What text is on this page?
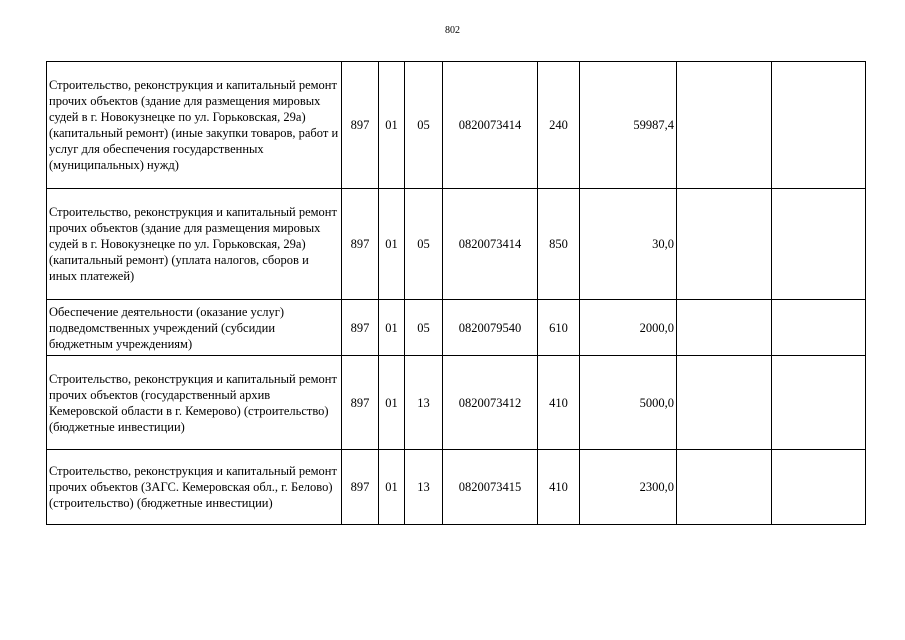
802
Строительство, реконструкция и капитальный ремонт прочих объектов (здание для размещения мировых судей в г. Новокузнецке по ул. Горьковская, 29а) (капитальный ремонт) (иные закупки товаров, работ и услуг для обеспечения государственных (муниципальных) нужд)	897	01	05	0820073414	240	59987,4		
Строительство, реконструкция и капитальный ремонт прочих объектов (здание для размещения мировых судей в г. Новокузнецке по ул. Горьковская, 29а) (капитальный ремонт) (уплата налогов, сборов и иных платежей)	897	01	05	0820073414	850	30,0		
Обеспечение деятельности (оказание услуг) подведомственных учреждений (субсидии бюджетным учреждениям)	897	01	05	0820079540	610	2000,0		
Строительство, реконструкция и капитальный ремонт прочих объектов (государственный архив Кемеровской области в г. Кемерово) (строительство) (бюджетные инвестиции)	897	01	13	0820073412	410	5000,0		
Строительство, реконструкция и капитальный ремонт прочих объектов (ЗАГС. Кемеровская обл., г. Белово) (строительство) (бюджетные инвестиции)	897	01	13	0820073415	410	2300,0		
